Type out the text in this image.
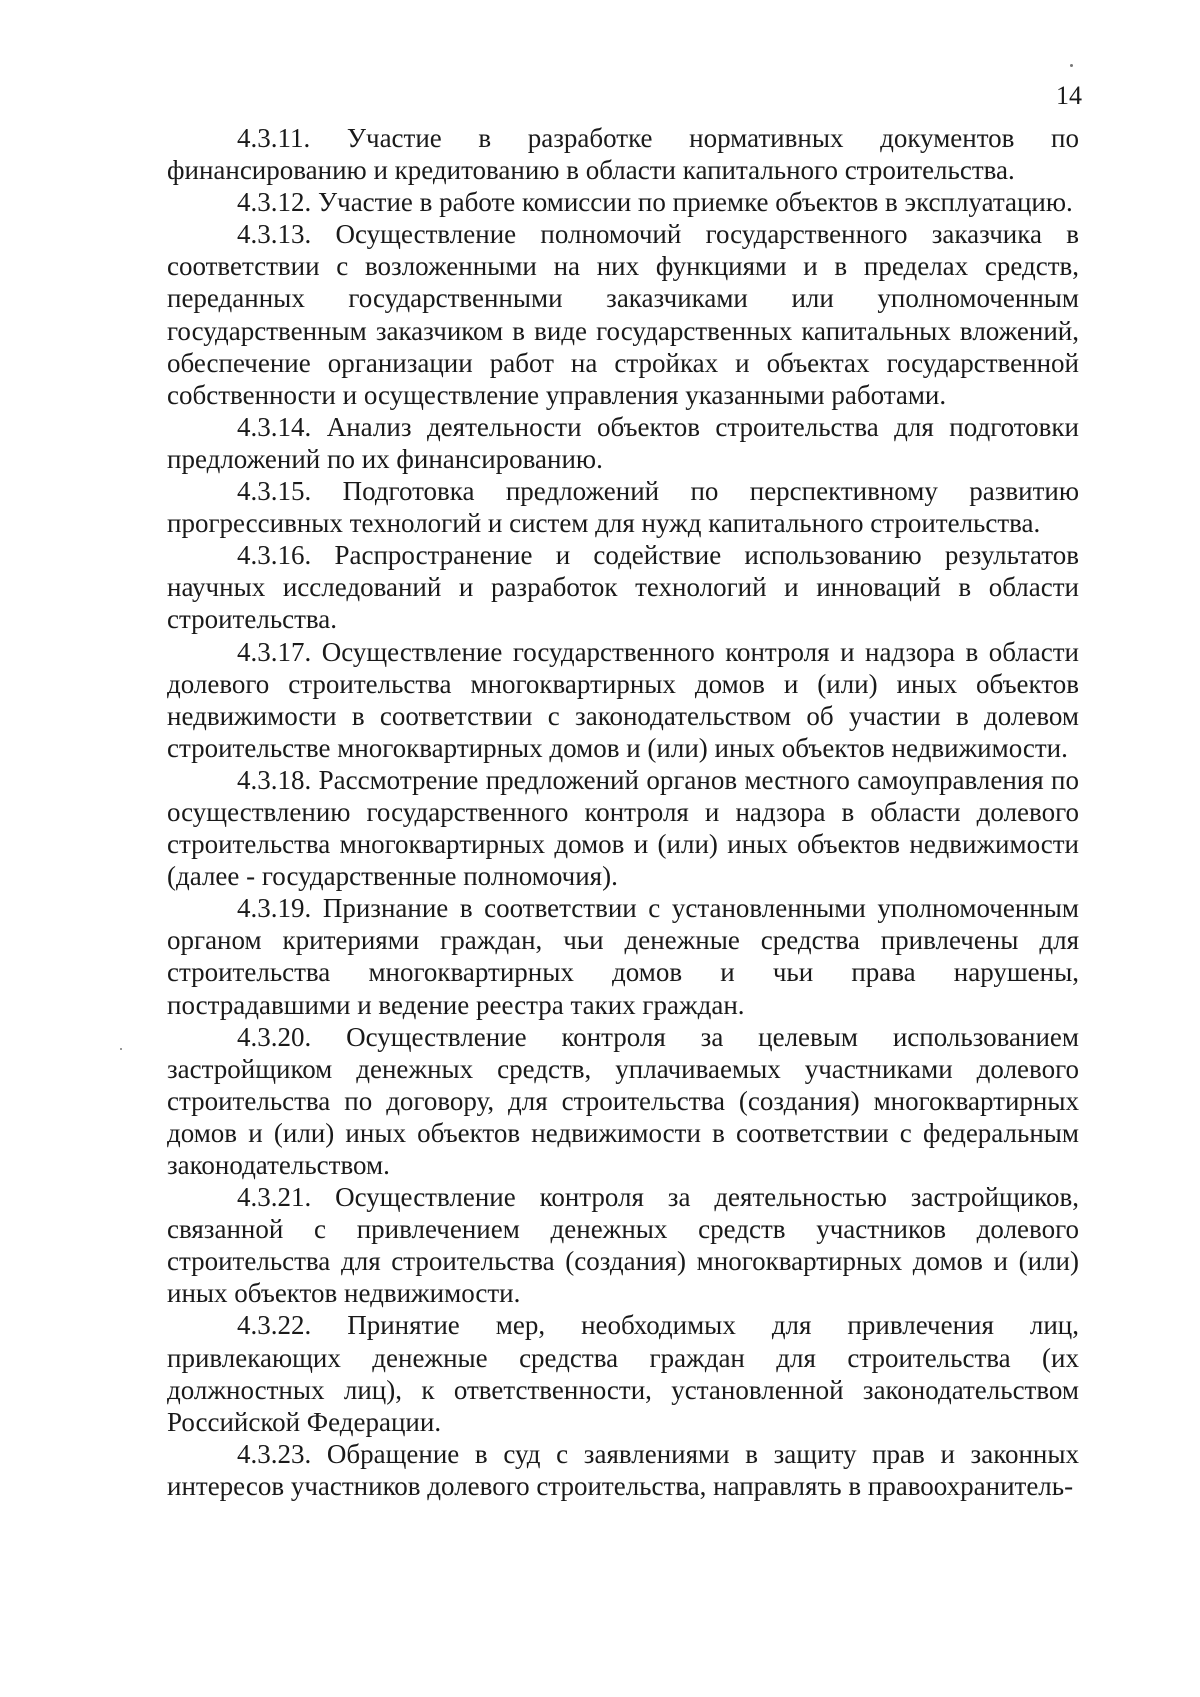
14

4.3.11. Участие в разработке нормативных документов по финансированию и кредитованию в области капитального строительства.

4.3.12. Участие в работе комиссии по приемке объектов в эксплуатацию.

4.3.13. Осуществление полномочий государственного заказчика в соответствии с возложенными на них функциями и в пределах средств, переданных государственными заказчиками или уполномоченным государственным заказчиком в виде государственных капитальных вложений, обеспечение организации работ на стройках и объектах государственной собственности и осуществление управления указанными работами.

4.3.14. Анализ деятельности объектов строительства для подготовки предложений по их финансированию.

4.3.15. Подготовка предложений по перспективному развитию прогрессивных технологий и систем для нужд капитального строительства.

4.3.16. Распространение и содействие использованию результатов научных исследований и разработок технологий и инноваций в области строительства.

4.3.17. Осуществление государственного контроля и надзора в области долевого строительства многоквартирных домов и (или) иных объектов недвижимости в соответствии с законодательством об участии в долевом строительстве многоквартирных домов и (или) иных объектов недвижимости.

4.3.18. Рассмотрение предложений органов местного самоуправления по осуществлению государственного контроля и надзора в области долевого строительства многоквартирных домов и (или) иных объектов недвижимости (далее - государственные полномочия).

4.3.19. Признание в соответствии с установленными уполномоченным органом критериями граждан, чьи денежные средства привлечены для строительства многоквартирных домов и чьи права нарушены, пострадавшими и ведение реестра таких граждан.

4.3.20. Осуществление контроля за целевым использованием застройщиком денежных средств, уплачиваемых участниками долевого строительства по договору, для строительства (создания) многоквартирных домов и (или) иных объектов недвижимости в соответствии с федеральным законодательством.

4.3.21. Осуществление контроля за деятельностью застройщиков, связанной с привлечением денежных средств участников долевого строительства для строительства (создания) многоквартирных домов и (или) иных объектов недвижимости.

4.3.22. Принятие мер, необходимых для привлечения лиц, привлекающих денежные средства граждан для строительства (их должностных лиц), к ответственности, установленной законодательством Российской Федерации.

4.3.23. Обращение в суд с заявлениями в защиту прав и законных интересов участников долевого строительства, направлять в правоохранитель-
